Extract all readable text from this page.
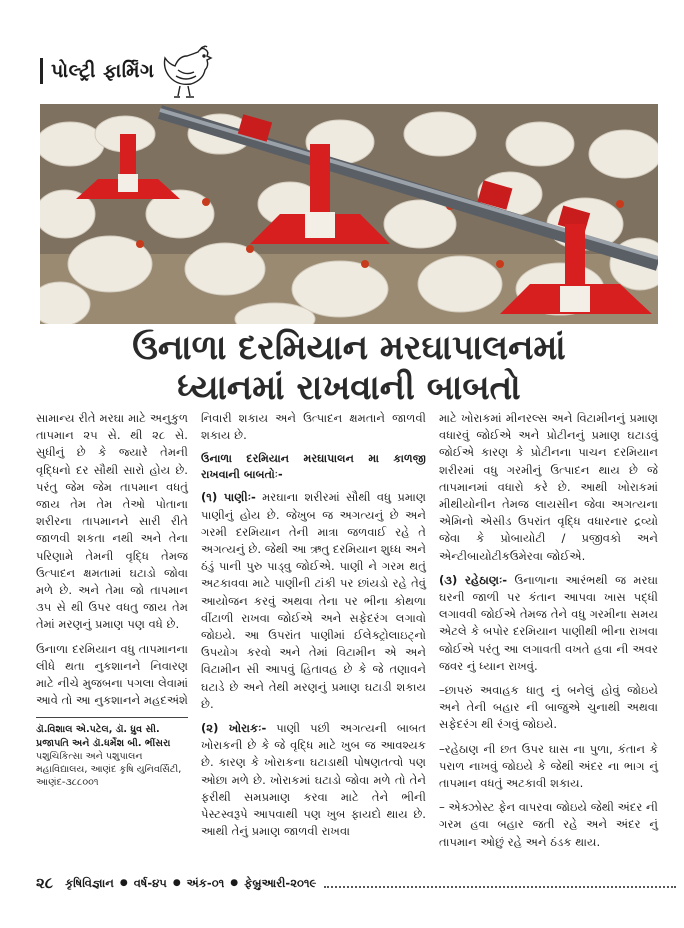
પોલ્ટ્રી ફાર્મિંગ
ઉનાળા દરમિયાન મરઘાપાલનમાં
ધ્યાનમાં રાખવાની બાબતો

સામાન્ય રીતે મરઘા માટે અનુકુળ તાપમાન ૨૫ સે. થી ૨૮ સે. સુધીનું છે કે જ્યારે તેમની વૃદ્ધિનો દર સૌથી સારો હોય છે. પરંતુ જેમ જેમ તાપમાન વધતું જાય તેમ તેમ તેઓ પોતાના શરીરના તાપમાનને સારી રીતે જાળવી શકતા નથી અને તેના પરિણામે તેમની વૃદ્ધિ તેમજ ઉત્પાદન ક્ષમતામાં ઘટાડો જોવા મળે છે. અને તેમા જો તાપમાન ૩૫ સે થી ઉપર વધતુ જાય તેમ તેમાં મરણનું પ્રમાણ પણ વધે છે.

ઉનાળા દરમિયાન વધુ તાપમાનના લીધે થતા નુકશાનને નિવારણ માટે નીચે મુજબના પગલા લેવામાં આવે તો આ નુકશાનને મહદઅંશે

ડૉ.વિશાલ એ.પટેલ, ડૉ. ધ્રુવ સી. પ્રજાપતિ અને ડૉ.ધર્મેશ બી. ભીંસરા
પશુચિકિત્સા અને પશુપાલન મહાવિદ્યાલય, આણંદ કૃષિ યુનિવર્સિટી, આણંદ-૩૮૮૦૦૧

નિવારી શકાય અને ઉત્પાદન ક્ષમતાને જાળવી શકાય છે.

ઉનાળા દરમિયાન મરઘાપાલન મા કાળજી રાખવાની બાબતોઃ-

(૧) પાણીઃ- મરઘાના શરીરમાં સૌથી વધુ પ્રમાણ પાણીનું હોય છે. જેખુબ જ અગત્યનું છે અને ગરમી દરમિયાન તેની માત્રા જળવાઈ રહે તે અગત્યનું છે. જેથી આ ઋતુ દરમિયાન શુધ્ધ અને ઠંડું પાની પુરુ પાડ્વુ જોઈએ. પાણી ને ગરમ થતું અટકાવવા માટે પાણીની ટાંકી પર છાંયડો રહે તેવું આયોજન કરવું અથવા તેના પર ભીના કોથળા વીંટાળી રાખવા જોઈએ અને સફેદરંગ લગાવો જોઇયે. આ ઉપરાંત પાણીમાં ઈલેક્ટ્રોલાઇટ્નો ઉપયોગ કરવો અને તેમાં વિટામીન એ અને વિટામીન સી આપવું હિતાવહ છે કે જે તણાવને ઘટાડે છે અને તેથી મરણનું પ્રમાણ ઘટાડી શકાય છે.

(૨) ખોરાકઃ- પાણી પછી અગત્યની બાબત ખોરાકની છે કે જે વૃદ્ધિ માટે ખુબ જ આવશ્યક છે. કારણ કે ખોરાકના ઘટાડાથી પોષણતત્વો પણ ઓછા મળે છે. ખોરાકમાં ઘટાડો જોવા મળે તો તેને ફરીથી સમપ્રમાણ કરવા માટે તેને ભીની પેસ્ટસ્વરૂપે આપવાથી પણ ખુબ ફાયદો થાય છે. આથી તેનું પ્રમાણ જાળવી રાખવા

માટે ખોરાકમાં મીનરલ્સ અને વિટામીનનું પ્રમાણ વધારવું જોઈએ અને પ્રોટીનનું પ્રમાણ ઘટાડવું જોઈએ કારણ કે પ્રોટીનના પાચન દરમિયાન શરીરમાં વધુ ગરમીનું ઉત્પાદન થાય છે જે તાપમાનમાં વધારો કરે છે. આથી ખોરાકમાં મીથીયોનીન તેમજ લાયસીન જેવા અગત્યના એમિનો એસીડ ઉપરાંત વૃદ્ધિ વધારનાર દ્રવ્યો જેવા કે પ્રોબાયોટી / પ્રજીવકો અને એન્ટીબાયોટીકઉમેરવા જોઈએ.

(૩) રહેઠાણઃ- ઉનાળાના આરંભથી જ મરઘા ઘરની જાળી પર કંતાન આપવા ખાસ પદ્ધી લગાવવી જોઈએ તેમજ તેને વધુ ગરમીના સમય એટલે કે બપોર દરમિયાન પાણીથી ભીના રાખવા જોઈએ પરંતુ આ લગાવતી વખતે હવા ની અવર જવર નું ધ્યાન રાખવું.

–છાપરું અવાહક ધાતુ નું બનેલું હોવું જોઇયે અને તેની બહાર ની બાજુએ ચુનાથી અથવા સફેદરંગ થી રંગવું જોઇયે.

–રહેઠાણ ની છત ઉપર ઘાસ ના પુળા, કંતાન કે પરાળ નાખવું જોઇયે કે જેથી અંદર ના ભાગ નું તાપમાન વધતું અટકાવી શકાય.

– એક્ઝોસ્ટ ફેન વાપરવા જોઇયે જેથી અંદર ની ગરમ હવા બહાર જતી રહે અને અંદર નું તાપમાન ઓછું રહે અને ઠંડક થાય.

૨૮ કૃષિવિજ્ઞાન ● વર્ષ-૪૫ ● અંક-૦૧ ● ફેબ્રુઆરી-૨૦૧૯
